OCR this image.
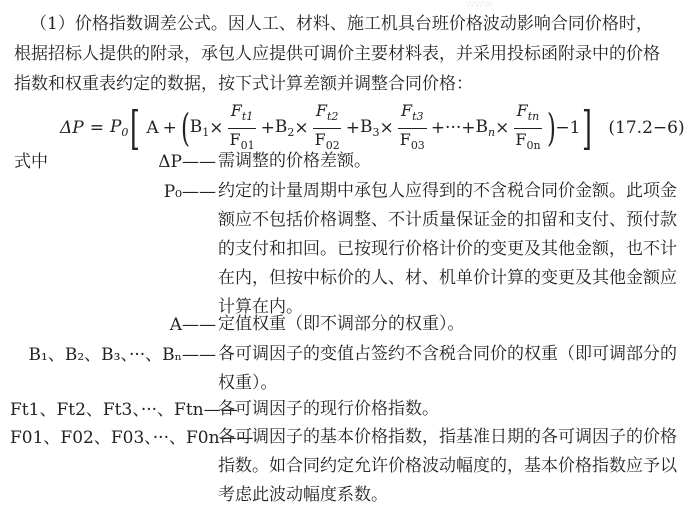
·www·
（1）价格指数调差公式。因人工、材料、施工机具台班价格波动影响合同价格时，
根据招标人提供的附录，承包人应提供可调价主要材料表，并采用投标函附录中的价格
指数和权重表约定的数据，按下式计算差额并调整合同价格：
$\Delta P = P_0$ [ A + ( $B_1 \times \frac{F_{t1}}{F_{01}} + B_2 \times \frac{F_{t2}}{F_{02}} + B_3 \times \frac{F_{t3}}{F_{03}}$ +···+ $B_n \times \frac{F_{tn}}{F_{0n}}$ ) −1 ] (17.2−6)
式中	ΔP—— 需调整的价格差额。
P₀—— 约定的计量周期中承包人应得到的不含税合同价金额。此项金额应不包括价格调整、不计质量保证金的扣留和支付、预付款的支付和扣回。已按现行价格计价的变更及其他金额，也不计在内，但按中标价的人、材、机单价计算的变更及其他金额应计算在内。
A—— 定值权重（即不调部分的权重）。
B₁、B₂、B₃、···、Bₙ—— 各可调因子的变值占签约不含税合同价的权重（即可调部分的权重）。
Ft1、Ft2、Ft3、···、Ftn——
各可调因子的现行价格指数。
F01、F02、F03、···、F0n——
各可调因子的基本价格指数，指基准日期的各可调因子的价格指数。如合同约定允许价格波动幅度的，基本价格指数应予以考虑此波动幅度系数。
